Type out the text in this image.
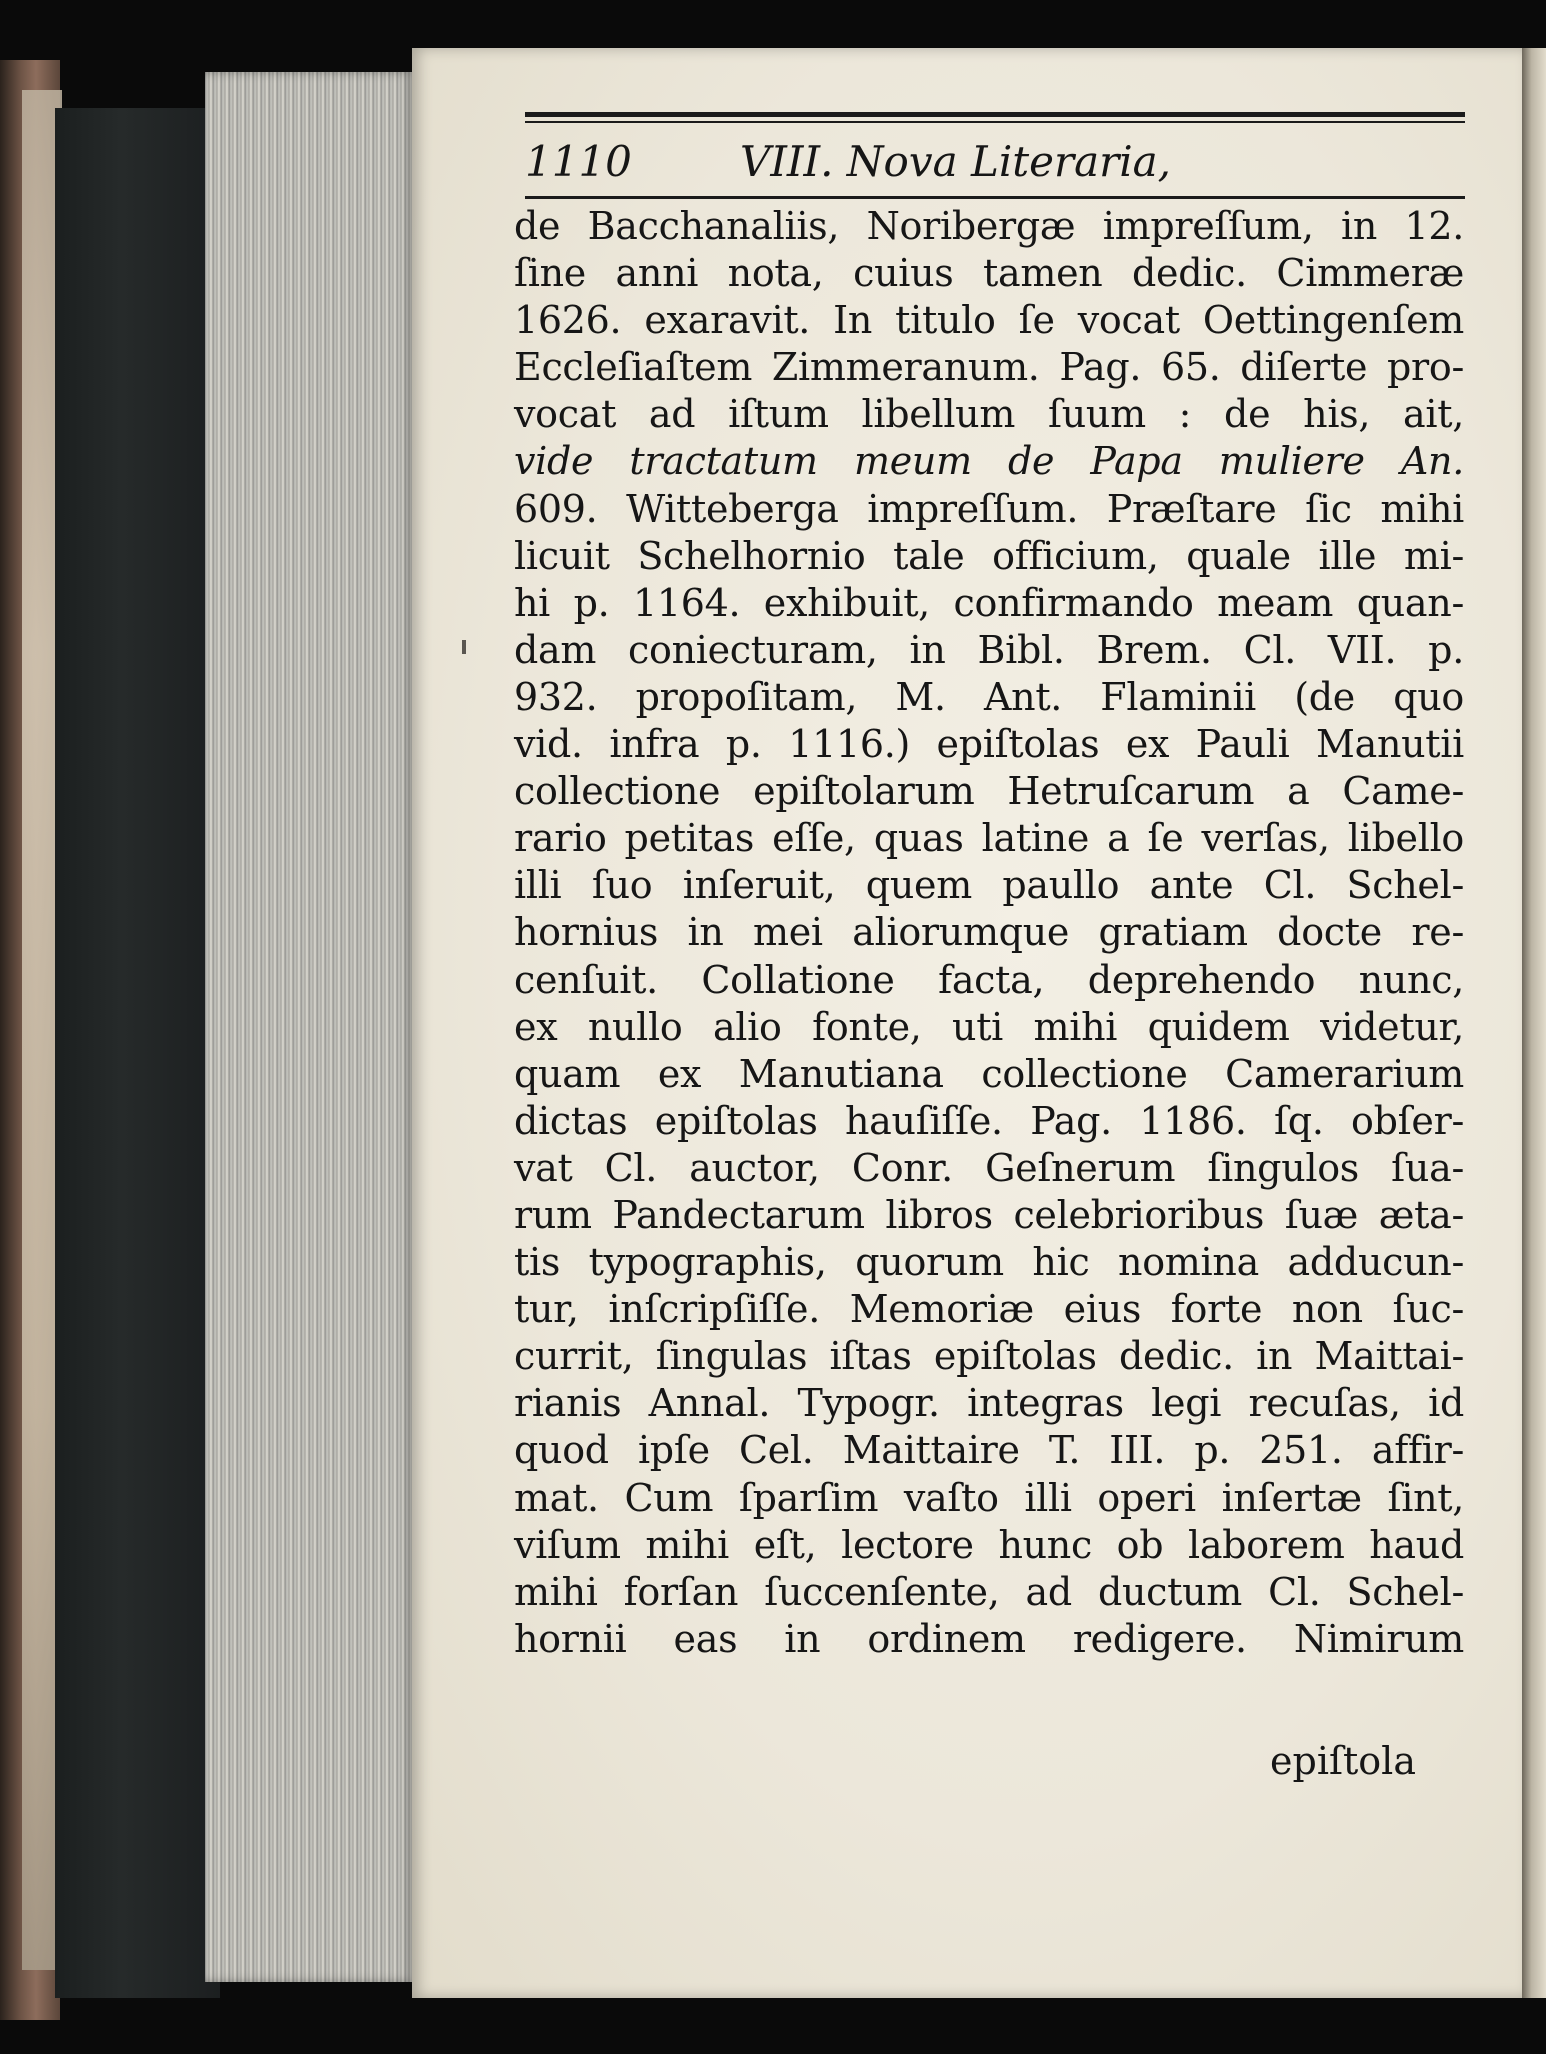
1110	VIII. Nova Literaria,
de Bacchanaliis, Noribergæ impreſſum, in 12.
ſine anni nota, cuius tamen dedic. Cimmeræ
1626. exaravit. In titulo ſe vocat Oettingenſem
Eccleſiaſtem Zimmeranum. Pag. 65. diſerte pro-
vocat ad iſtum libellum ſuum : de his, ait,
vide tractatum meum de Papa muliere An.
609. Witteberga impreſſum. Præſtare ſic mihi
licuit Schelhornio tale officium, quale ille mi-
hi p. 1164. exhibuit, confirmando meam quan-
dam coniecturam, in Bibl. Brem. Cl. VII. p.
932. propoſitam, M. Ant. Flaminii (de quo
vid. infra p. 1116.) epiſtolas ex Pauli Manutii
collectione epiſtolarum Hetruſcarum a Came-
rario petitas eſſe, quas latine a ſe verſas, libello
illi ſuo inſeruit, quem paullo ante Cl. Schel-
hornius in mei aliorumque gratiam docte re-
cenſuit. Collatione facta, deprehendo nunc,
ex nullo alio fonte, uti mihi quidem videtur,
quam ex Manutiana collectione Camerarium
dictas epiſtolas hauſiſſe. Pag. 1186. ſq. obſer-
vat Cl. auctor, Conr. Geſnerum ſingulos ſua-
rum Pandectarum libros celebrioribus ſuæ æta-
tis typographis, quorum hic nomina adducun-
tur, inſcripſiſſe. Memoriæ eius forte non ſuc-
currit, ſingulas iſtas epiſtolas dedic. in Maittai-
rianis Annal. Typogr. integras legi recuſas, id
quod ipſe Cel. Maittaire T. III. p. 251. affir-
mat. Cum ſparſim vaſto illi operi inſertæ ſint,
viſum mihi eſt, lectore hunc ob laborem haud
mihi forſan ſuccenſente, ad ductum Cl. Schel-
hornii eas in ordinem redigere. Nimirum
epiſtola
